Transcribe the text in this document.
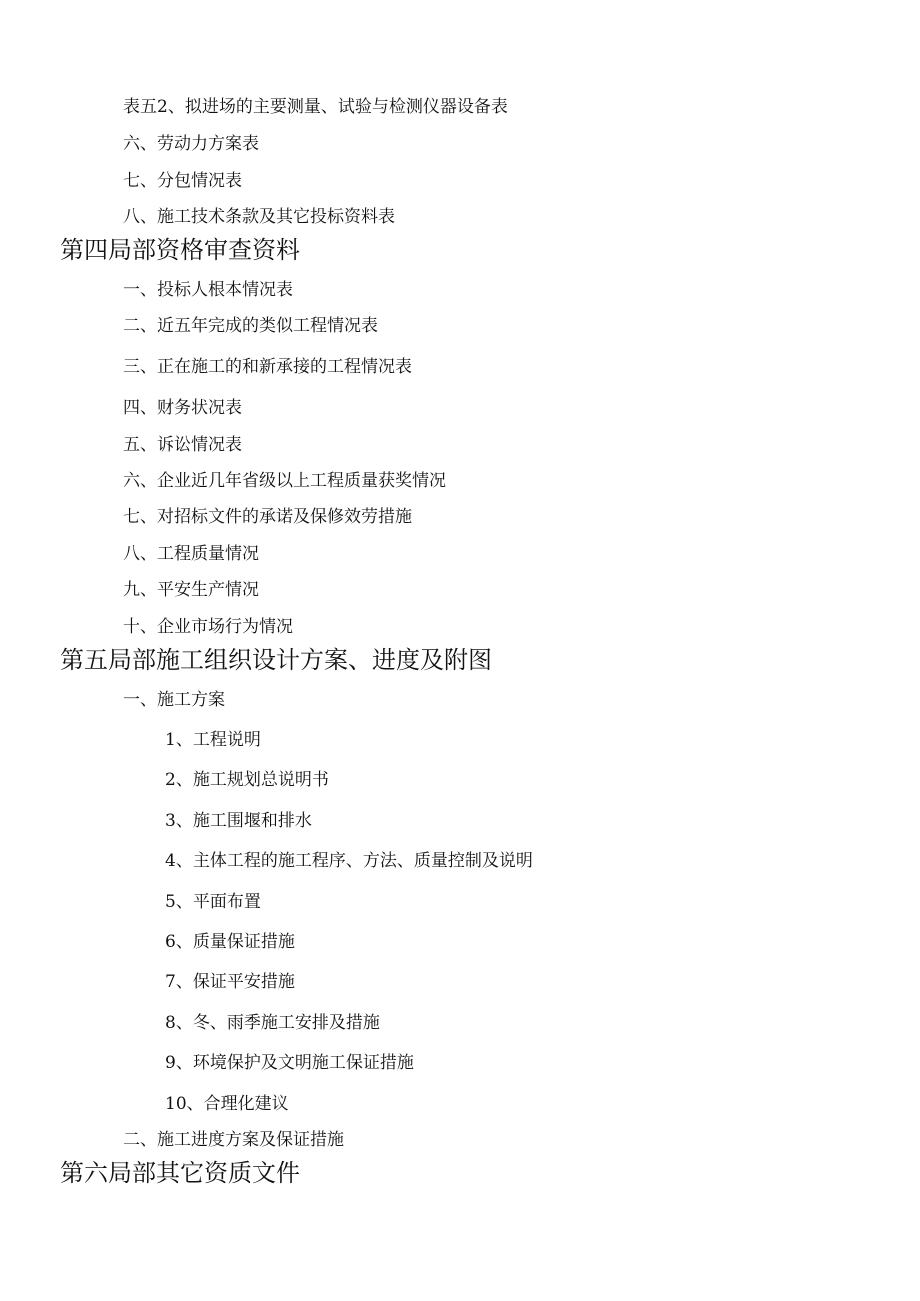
表五2、拟进场的主要测量、试验与检测仪器设备表
六、劳动力方案表
七、分包情况表
八、施工技术条款及其它投标资料表
第四局部资格审查资料
一、投标人根本情况表
二、近五年完成的类似工程情况表
三、正在施工的和新承接的工程情况表
四、财务状况表
五、诉讼情况表
六、企业近几年省级以上工程质量获奖情况
七、对招标文件的承诺及保修效劳措施
八、工程质量情况
九、平安生产情况
十、企业市场行为情况
第五局部施工组织设计方案、进度及附图
一、施工方案
1、工程说明
2、施工规划总说明书
3、施工围堰和排水
4、主体工程的施工程序、方法、质量控制及说明
5、平面布置
6、质量保证措施
7、保证平安措施
8、冬、雨季施工安排及措施
9、环境保护及文明施工保证措施
10、合理化建议
二、施工进度方案及保证措施
第六局部其它资质文件
